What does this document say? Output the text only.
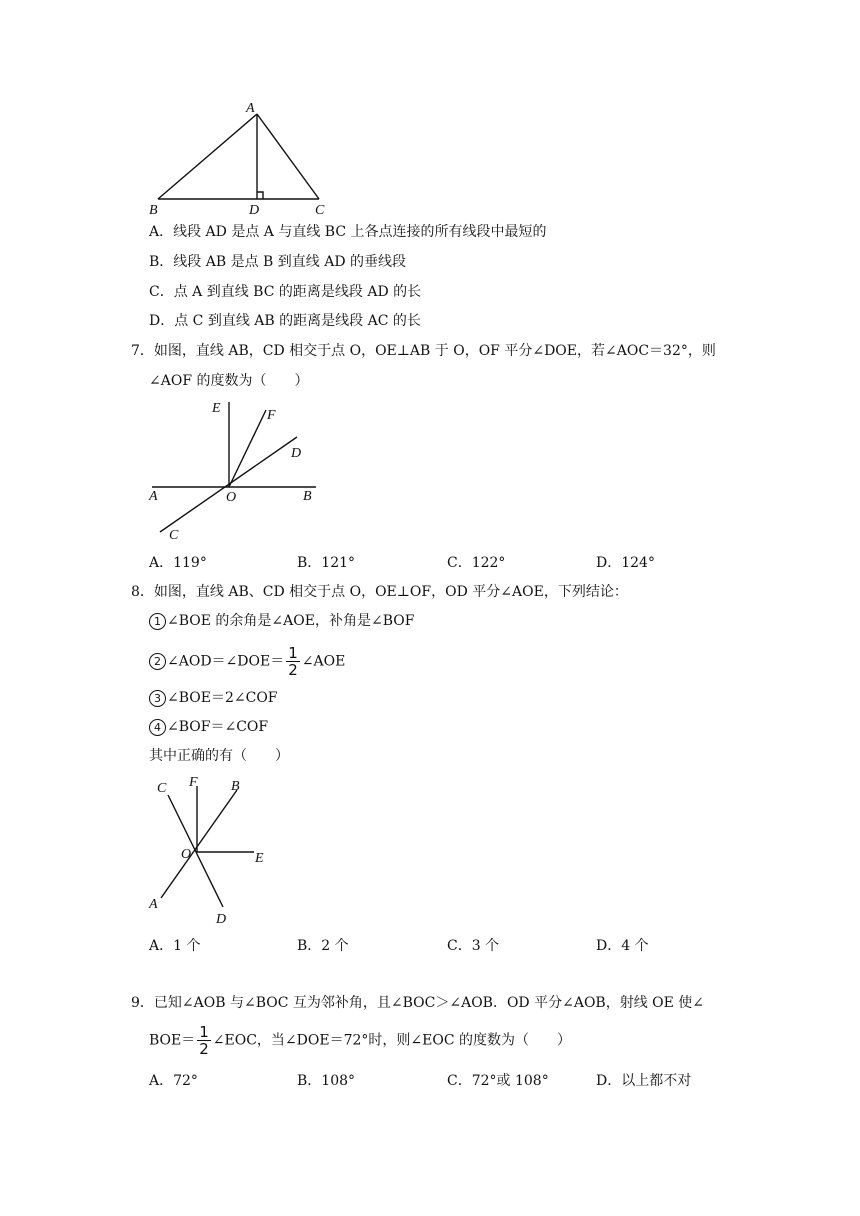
A
B	D	C
A．线段 AD 是点 A 与直线 BC 上各点连接的所有线段中最短的
B．线段 AB 是点 B 到直线 AD 的垂线段
C．点 A 到直线 BC 的距离是线段 AD 的长
D．点 C 到直线 AB 的距离是线段 AC 的长
7．如图，直线 AB，CD 相交于点 O，OE⊥AB 于 O，OF 平分∠DOE，若∠AOC＝32°，则
∠AOF 的度数为（　　）
E	F
D
A	O	B
C
A．119°	B．121°	C．122°	D．124°
8．如图，直线 AB、CD 相交于点 O，OE⊥OF，OD 平分∠AOE，下列结论：
1 ∠BOE 的余角是∠AOE，补角是∠BOF
2 ∠AOD＝∠DOE＝ $\frac{1}{2}$ ∠AOE
3 ∠BOE＝2∠COF
4 ∠BOF＝∠COF
其中正确的有（　　）
C F B
O	E
A
D
A．1 个	B．2 个	C．3 个	D．4 个
9．已知∠AOB 与∠BOC 互为邻补角，且∠BOC＞∠AOB．OD 平分∠AOB，射线 OE 使∠
$BOE= \frac{1}{2}$ ∠EOC，当∠DOE＝72°时，则∠EOC 的度数为（　　）
A．72°	B．108°	C．72°或 108°	D．以上都不对
